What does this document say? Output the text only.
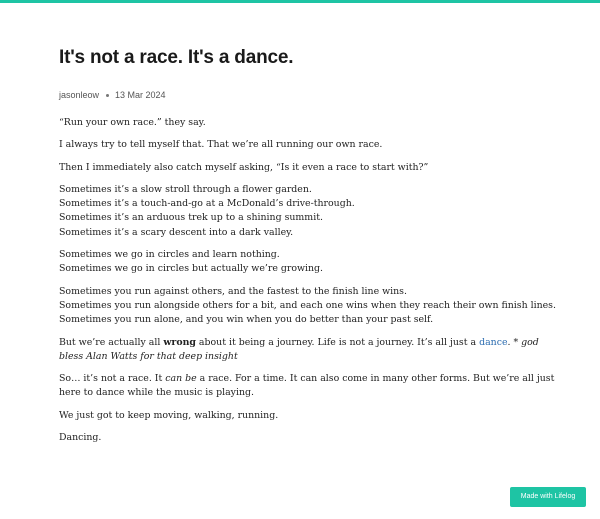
It's not a race. It's a dance.
jasonleow 13 Mar 2024

“Run your own race.” they say.

I always try to tell myself that. That we’re all running our own race.

Then I immediately also catch myself asking, “Is it even a race to start with?”

Sometimes it’s a slow stroll through a flower garden.
Sometimes it’s a touch-and-go at a McDonald’s drive-through.
Sometimes it’s an arduous trek up to a shining summit.
Sometimes it’s a scary descent into a dark valley.

Sometimes we go in circles and learn nothing.
Sometimes we go in circles but actually we’re growing.

Sometimes you run against others, and the fastest to the finish line wins.
Sometimes you run alongside others for a bit, and each one wins when they reach their own finish lines.
Sometimes you run alone, and you win when you do better than your past self.

But we’re actually all wrong about it being a journey. Life is not a journey. It’s all just a dance. * god bless Alan Watts for that deep insight

So… it’s not a race. It can be a race. For a time. It can also come in many other forms. But we’re all just here to dance while the music is playing.

We just got to keep moving, walking, running.

Dancing.

Made with Lifelog
